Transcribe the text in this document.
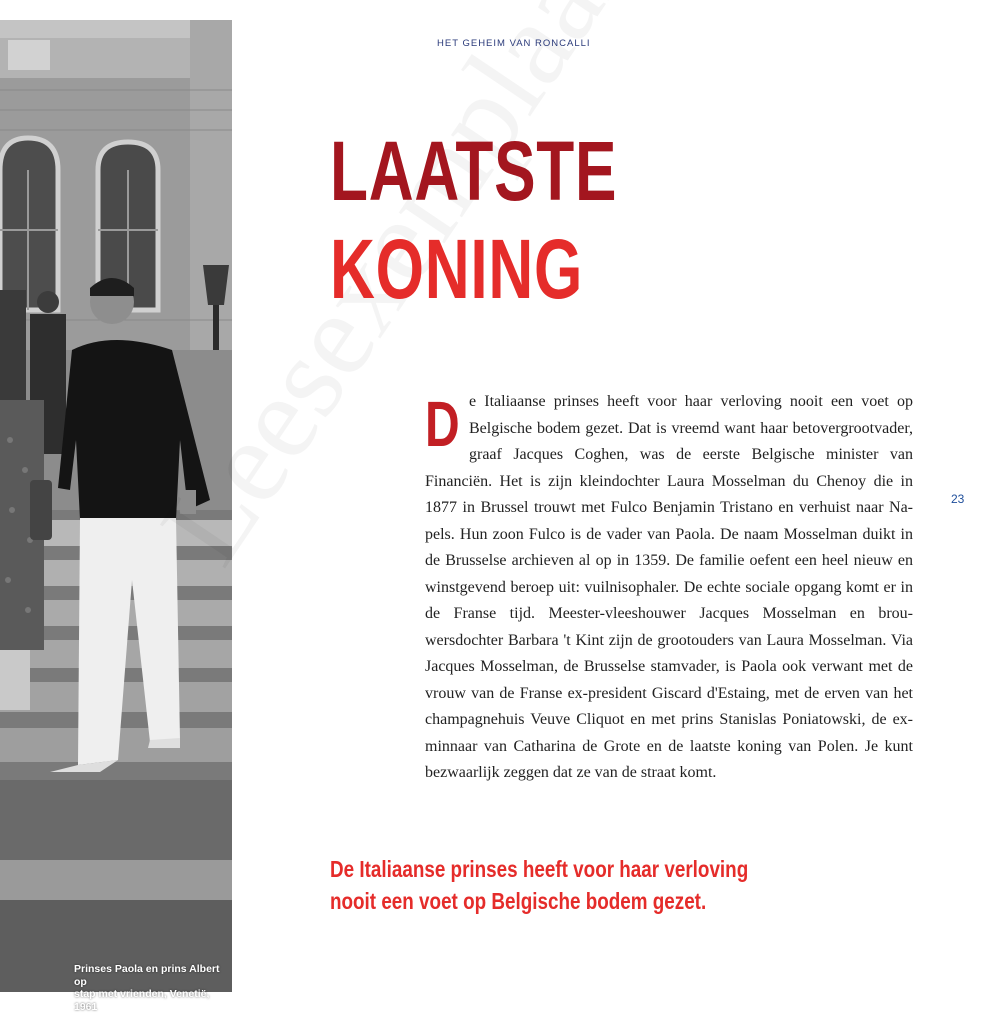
Prinses Paola en prins Albert op
stap met vrienden, Venetië, 1961
HET GEHEIM VAN RONCALLI
LAATSTE
KONING
De Italiaanse prinses heeft voor haar verloving nooit een voet op Belgische bodem gezet. Dat is vreemd want haar betovergrootvader, graaf Jacques Coghen, was de eerste Belgische minister van Financiën. Het is zijn kleindochter Laura Mosselman du Chenoy die in 1877 in Brussel trouwt met Fulco Benjamin Tristano en verhuist naar Napels. Hun zoon Fulco is de vader van Paola. De naam Mosselman duikt in de Brusselse archieven al op in 1359. De familie oefent een heel nieuw en winstgevend beroep uit: vuilnisophaler. De echte sociale opgang komt er in de Franse tijd. Meester-vleeshouwer Jacques Mosselman en brouwersdochter Barbara 't Kint zijn de grootouders van Laura Mosselman. Via Jacques Mosselman, de Brusselse stamvader, is Paola ook verwant met de vrouw van de Franse ex-president Giscard d'Estaing, met de erven van het champagnehuis Veuve Cliquot en met prins Stanislas Poniatowski, de ex-minnaar van Catharina de Grote en de laatste koning van Polen. Je kunt bezwaarlijk zeggen dat ze van de straat komt.
23
De Italiaanse prinses heeft voor haar verloving
nooit een voet op Belgische bodem gezet.
